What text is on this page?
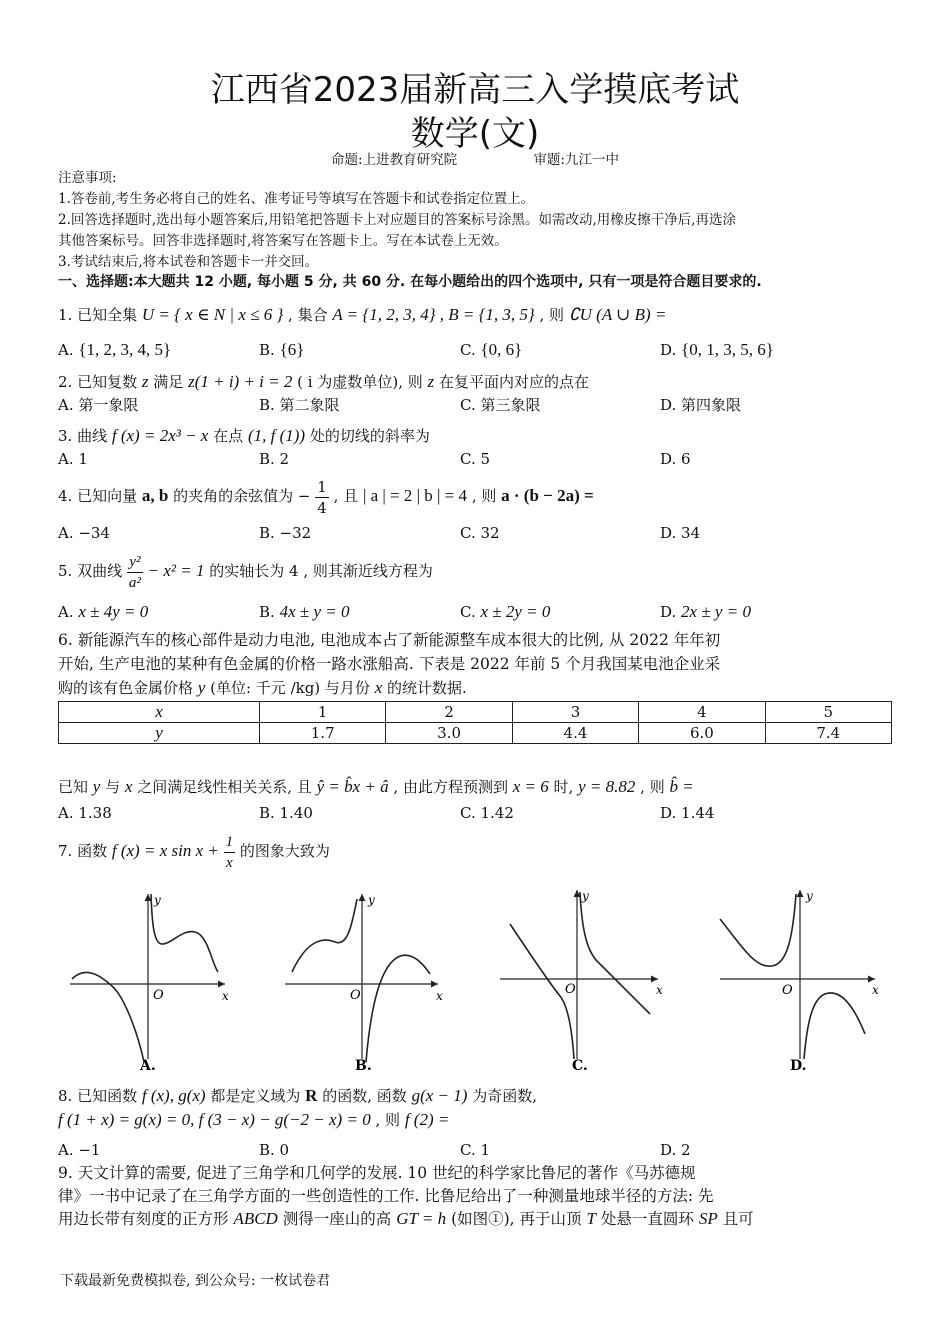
江西省2023届新高三入学摸底考试
数学(文)
命题:上进教育研究院	审题:九江一中
注意事项:
1.答卷前,考生务必将自己的姓名、准考证号等填写在答题卡和试卷指定位置上。
2.回答选择题时,选出每小题答案后,用铅笔把答题卡上对应题目的答案标号涂黑。如需改动,用橡皮擦干净后,再选涂
其他答案标号。回答非选择题时,将答案写在答题卡上。写在本试卷上无效。
3.考试结束后,将本试卷和答题卡一并交回。
一、选择题:本大题共 12 小题, 每小题 5 分, 共 60 分. 在每小题给出的四个选项中, 只有一项是符合题目要求的.
1. 已知全集 U = { x ∈ N | x ≤ 6 } , 集合 A = {1, 2, 3, 4} , B = {1, 3, 5} , 则 ∁U (A ∪ B) =
A. {1, 2, 3, 4, 5}	B. {6}	C. {0, 6}	D. {0, 1, 3, 5, 6}
2. 已知复数 z 满足 z(1 + i) + i = 2 ( i 为虚数单位), 则 z 在复平面内对应的点在
A. 第一象限	B. 第二象限	C. 第三象限	D. 第四象限
3. 曲线 f (x) = 2x³ − x 在点 (1, f (1)) 处的切线的斜率为
A. 1	B. 2	C. 5	D. 6
4. 已知向量 a, b 的夹角的余弦值为 − $\frac{1}{4}$ , 且 | a | = 2 | b | = 4 , 则 a · (b − 2a) =
A. −34	B. −32	C. 32	D. 34
5. 双曲线 $\frac{\text{y²}}{\text{a²}} - x^2 = 1$ 的实轴长为 4 , 则其渐近线方程为
A. x ± 4y = 0	B. 4x ± y = 0	C. x ± 2y = 0	D. 2x ± y = 0
6. 新能源汽车的核心部件是动力电池, 电池成本占了新能源整车成本很大的比例, 从 2022 年年初
开始, 生产电池的某种有色金属的价格一路水涨船高. 下表是 2022 年前 5 个月我国某电池企业采
购的该有色金属价格 y (单位: 千元 /kg) 与月份 x 的统计数据.
x	1	2	3	4	5
y	1.7	3.0	4.4	6.0	7.4
已知 y 与 x 之间满足线性相关关系, 且 ŷ = b̂x + â , 由此方程预测到 x = 6 时, y = 8.82 , 则 b̂ =
A. 1.38	B. 1.40	C. 1.42	D. 1.44
7. 函数 f (x) = x $\sin x + \frac{1}{x}$ 的图象大致为
O	x
y
A.
O	x
y
B.
O	x
y
C.
O	x
y
D.
8. 已知函数 f (x), g(x) 都是定义域为 R 的函数, 函数 g(x − 1) 为奇函数,
f (1 + x) = g(x) = 0, f (3 − x) − g(−2 − x) = 0 , 则 f (2) =
A. −1	B. 0	C. 1	D. 2
9. 天文计算的需要, 促进了三角学和几何学的发展. 10 世纪的科学家比鲁尼的著作《马苏德规
律》一书中记录了在三角学方面的一些创造性的工作. 比鲁尼给出了一种测量地球半径的方法: 先
用边长带有刻度的正方形 ABCD 测得一座山的高 GT = h (如图①), 再于山顶 T 处悬一直圆环 SP 且可
下载最新免费模拟卷, 到公众号: 一枚试卷君
